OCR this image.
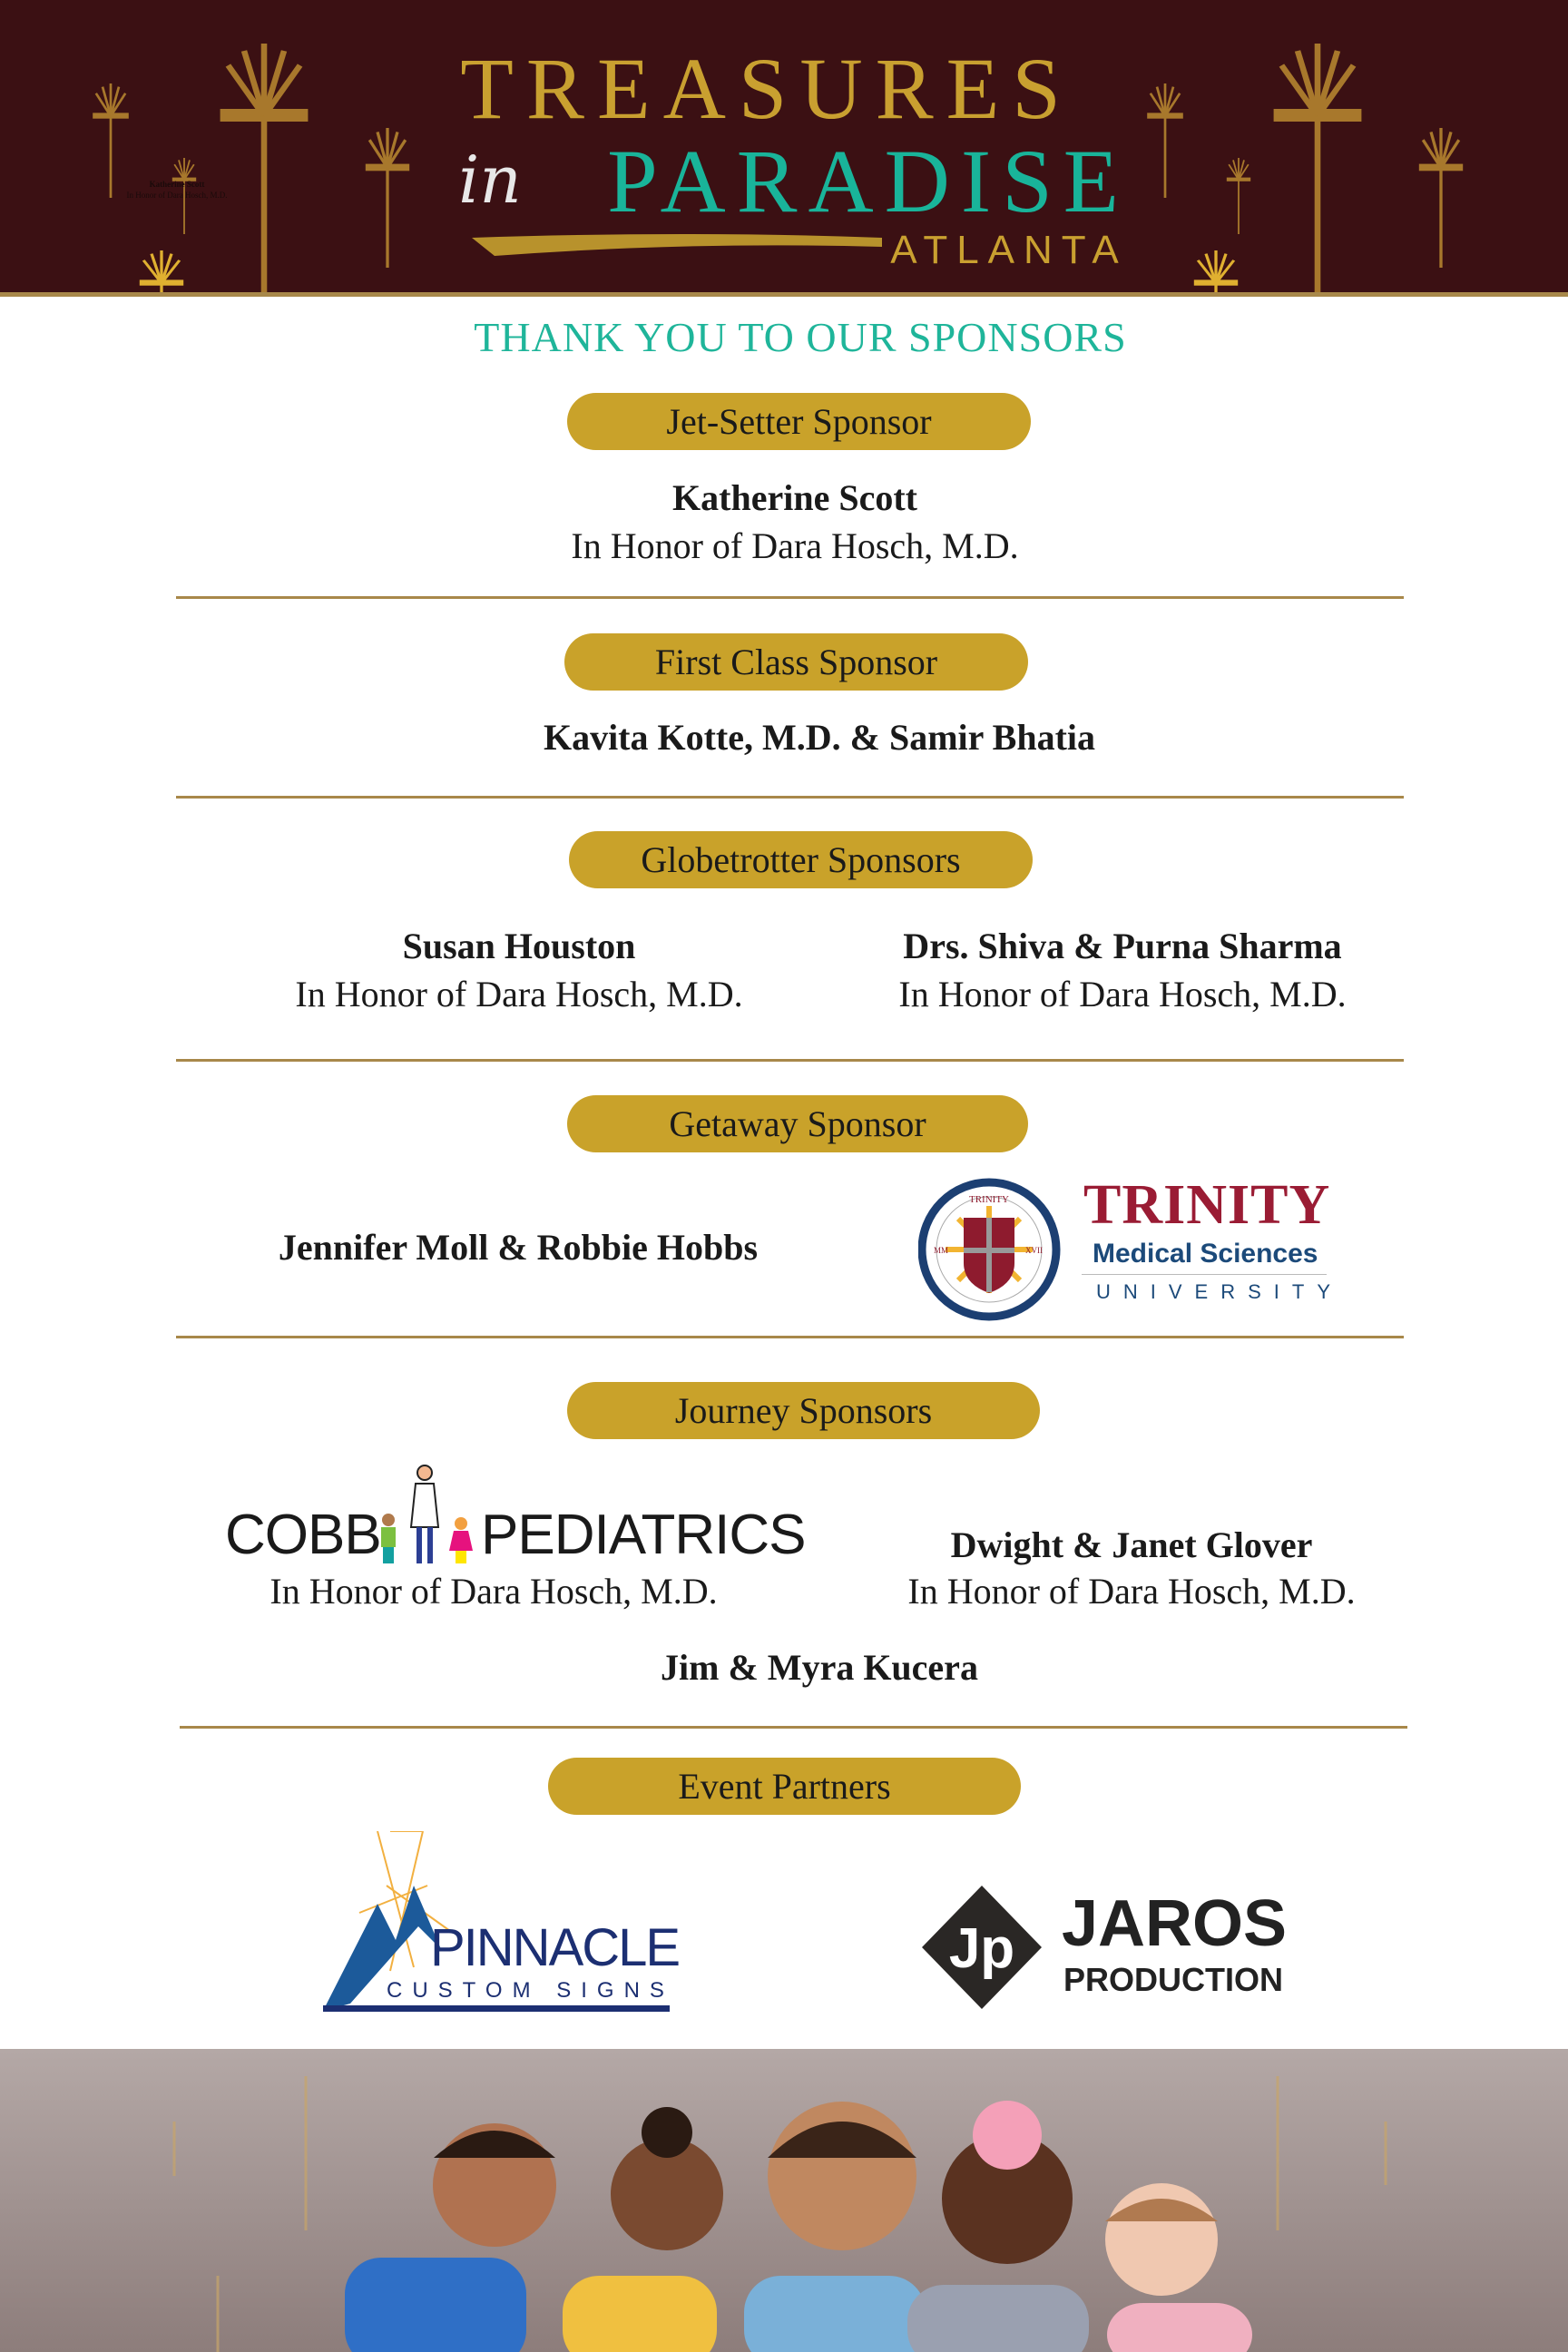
TREASURES
in PARADISE
ATLANTA
Katherine Scott
In Honor of Dara Hosch, M.D.
THANK YOU TO OUR SPONSORS
Jet-Setter Sponsor
Katherine Scott
In Honor of Dara Hosch, M.D.
First Class Sponsor
Kavita Kotte, M.D. & Samir Bhatia
Globetrotter Sponsors
Susan Houston
In Honor of Dara Hosch, M.D.
Drs. Shiva & Purna Sharma
In Honor of Dara Hosch, M.D.
Getaway Sponsor
Jennifer Moll & Robbie Hobbs
TRINITY
MM	XVII
TRINITY
Medical Sciences
UNIVERSITY
Journey Sponsors
COBB PEDIATRICS
In Honor of Dara Hosch, M.D.
Dwight & Janet Glover
In Honor of Dara Hosch, M.D.
Jim & Myra Kucera
Event Partners
PINNACLE
CUSTOM SIGNS
Jp JAROS
PRODUCTION
